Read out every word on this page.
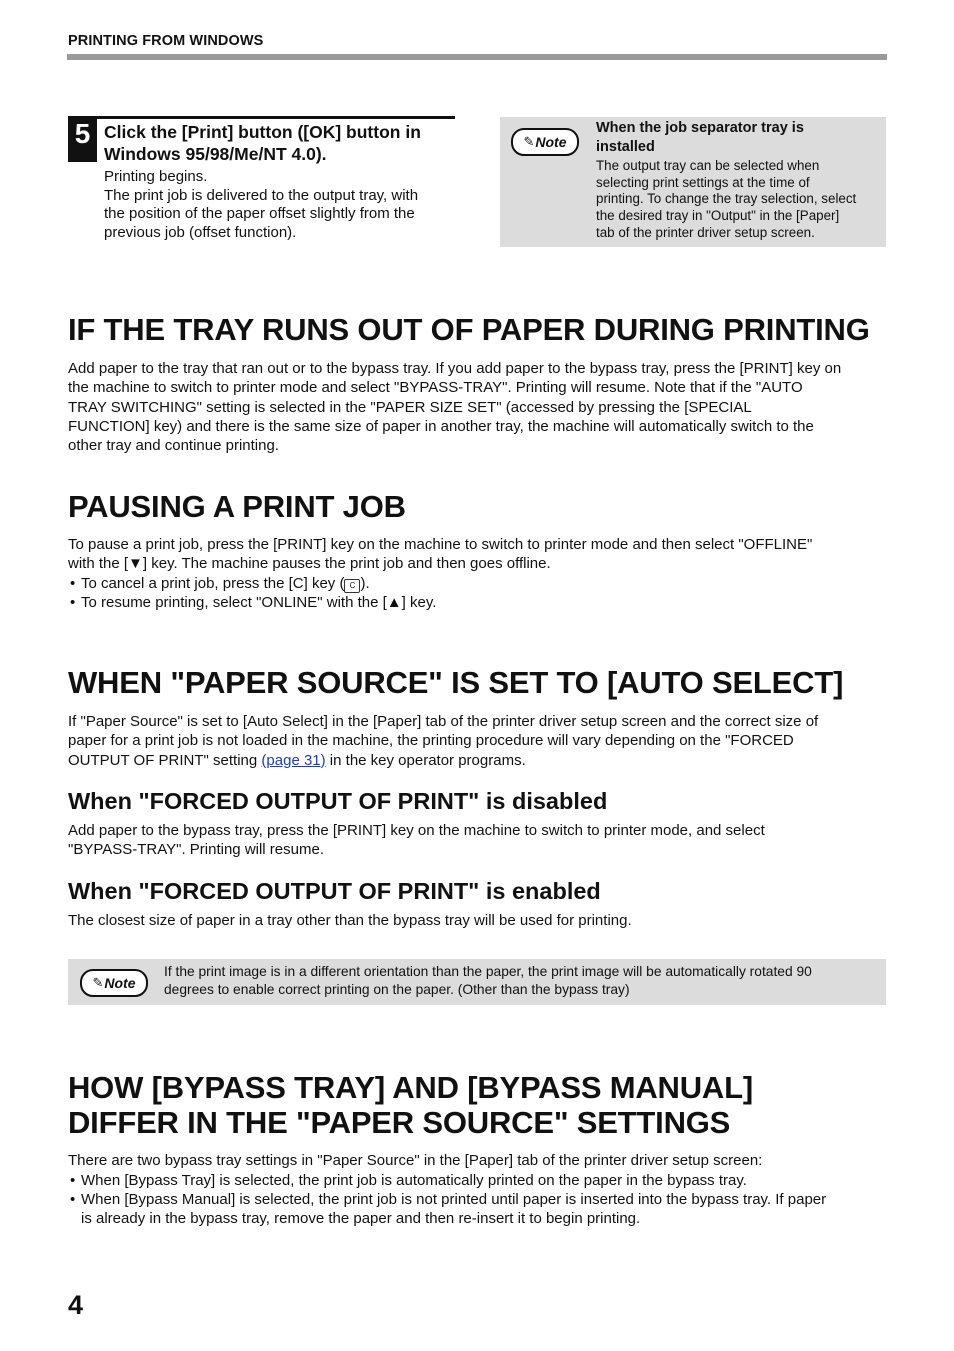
PRINTING FROM WINDOWS
5 Click the [Print] button ([OK] button in
Windows 95/98/Me/NT 4.0).

Printing begins.

The print job is delivered to the output tray, with

the position of the paper offset slightly from the

previous job (offset function).

✎ Note
When the job separator tray is
installed
The output tray can be selected when
selecting print settings at the time of
printing. To change the tray selection, select
the desired tray in "Output" in the [Paper]
tab of the printer driver setup screen.
IF THE TRAY RUNS OUT OF PAPER DURING PRINTING
Add paper to the tray that ran out or to the bypass tray. If you add paper to the bypass tray, press the [PRINT] key on
the machine to switch to printer mode and select "BYPASS-TRAY". Printing will resume. Note that if the "AUTO
TRAY SWITCHING" setting is selected in the "PAPER SIZE SET" (accessed by pressing the [SPECIAL
FUNCTION] key) and there is the same size of paper in another tray, the machine will automatically switch to the
other tray and continue printing.
PAUSING A PRINT JOB
To pause a print job, press the [PRINT] key on the machine to switch to printer mode and then select "OFFLINE"
with the [▼] key. The machine pauses the print job and then goes offline.
• To cancel a print job, press the [C] key ( C ).
• To resume printing, select "ONLINE" with the [▲] key.
WHEN "PAPER SOURCE" IS SET TO [AUTO SELECT]
If "Paper Source" is set to [Auto Select] in the [Paper] tab of the printer driver setup screen and the correct size of
paper for a print job is not loaded in the machine, the printing procedure will vary depending on the "FORCED
OUTPUT OF PRINT" setting (page 31) in the key operator programs.
When "FORCED OUTPUT OF PRINT" is disabled
Add paper to the bypass tray, press the [PRINT] key on the machine to switch to printer mode, and select
"BYPASS-TRAY". Printing will resume.
When "FORCED OUTPUT OF PRINT" is enabled
The closest size of paper in a tray other than the bypass tray will be used for printing.
✎ Note
If the print image is in a different orientation than the paper, the print image will be automatically rotated 90
degrees to enable correct printing on the paper. (Other than the bypass tray)
HOW [BYPASS TRAY] AND [BYPASS MANUAL]
DIFFER IN THE "PAPER SOURCE" SETTINGS
There are two bypass tray settings in "Paper Source" in the [Paper] tab of the printer driver setup screen:
• When [Bypass Tray] is selected, the print job is automatically printed on the paper in the bypass tray.
• When [Bypass Manual] is selected, the print job is not printed until paper is inserted into the bypass tray. If paper
is already in the bypass tray, remove the paper and then re-insert it to begin printing.
4
